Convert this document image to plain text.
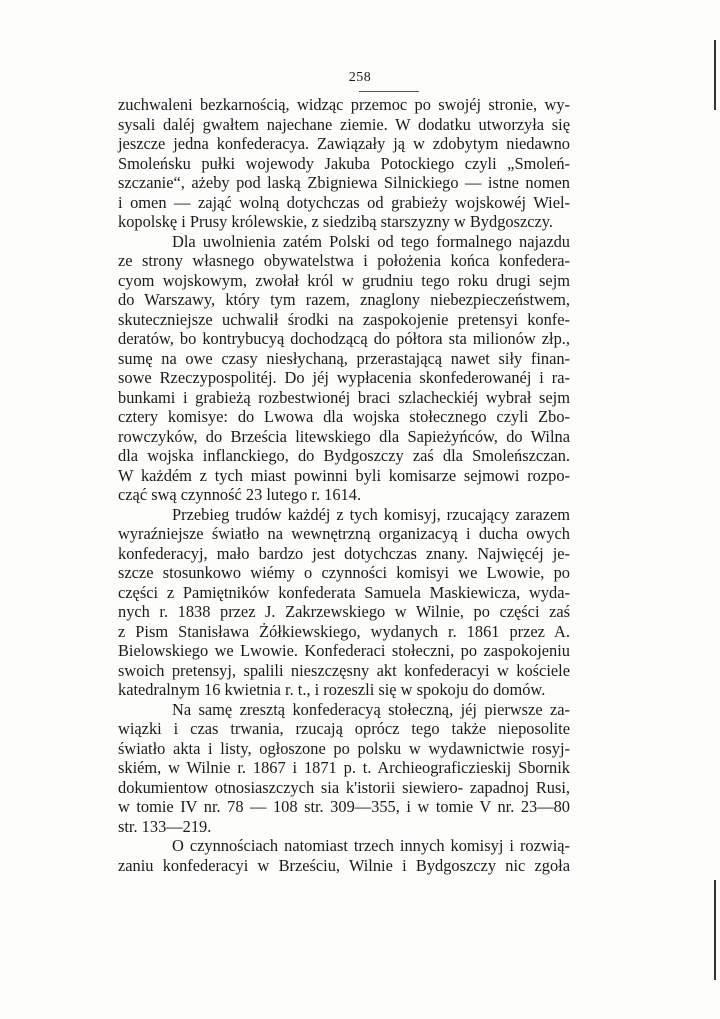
258
zuchwaleni bezkarnością, widząc przemoc po swojéj stronie, wy-
sysali daléj gwałtem najechane ziemie. W dodatku utworzyła się
jeszcze jedna konfederacya. Zawiązały ją w zdobytym niedawno
Smoleńsku pułki wojewody Jakuba Potockiego czyli „Smoleń-
szczanie“, ażeby pod laską Zbigniewa Silnickiego — istne nomen
i omen — zająć wolną dotychczas od grabieży wojskowéj Wiel-
kopolskę i Prusy królewskie, z siedzibą starszyzny w Bydgoszczy.
Dla uwolnienia zatém Polski od tego formalnego najazdu
ze strony własnego obywatelstwa i położenia końca konfedera-
cyom wojskowym, zwołał król w grudniu tego roku drugi sejm
do Warszawy, który tym razem, znaglony niebezpieczeństwem,
skuteczniejsze uchwalił środki na zaspokojenie pretensyi konfe-
deratów, bo kontrybucyą dochodzącą do półtora sta milionów złp.,
sumę na owe czasy niesłychaną, przerastającą nawet siły finan-
sowe Rzeczypospolitéj. Do jéj wypłacenia skonfederowanéj i ra-
bunkami i grabieżą rozbestwionéj braci szlacheckiéj wybrał sejm
cztery komisye: do Lwowa dla wojska stołecznego czyli Zbo-
rowczyków, do Brześcia litewskiego dla Sapieżyńców, do Wilna
dla wojska inflanckiego, do Bydgoszczy zaś dla Smoleńszczan.
W każdém z tych miast powinni byli komisarze sejmowi rozpo-
cząć swą czynność 23 lutego r. 1614.
Przebieg trudów każdéj z tych komisyj, rzucający zarazem
wyraźniejsze światło na wewnętrzną organizacyą i ducha owych
konfederacyj, mało bardzo jest dotychczas znany. Najwięcéj je-
szcze stosunkowo wiémy o czynności komisyi we Lwowie, po
części z Pamiętników konfederata Samuela Maskiewicza, wyda-
nych r. 1838 przez J. Zakrzewskiego w Wilnie, po części zaś
z Pism Stanisława Żółkiewskiego, wydanych r. 1861 przez A.
Bielowskiego we Lwowie. Konfederaci stołeczni, po zaspokojeniu
swoich pretensyj, spalili nieszczęsny akt konfederacyi w kościele
katedralnym 16 kwietnia r. t., i rozeszli się w spokoju do domów.
Na samę zresztą konfederacyą stołeczną, jéj pierwsze za-
wiązki i czas trwania, rzucają oprócz tego także nieposolite
światło akta i listy, ogłoszone po polsku w wydawnictwie rosyj-
skiém, w Wilnie r. 1867 i 1871 p. t. Archieograficzieskij Sbornik
dokumientow otnosiaszczych sia k'istorii siewiero- zapadnoj Rusi,
w tomie IV nr. 78 — 108 str. 309—355, i w tomie V nr. 23—80
str. 133—219.
O czynnościach natomiast trzech innych komisyj i rozwią-
zaniu konfederacyi w Brześciu, Wilnie i Bydgoszczy nic zgoła
